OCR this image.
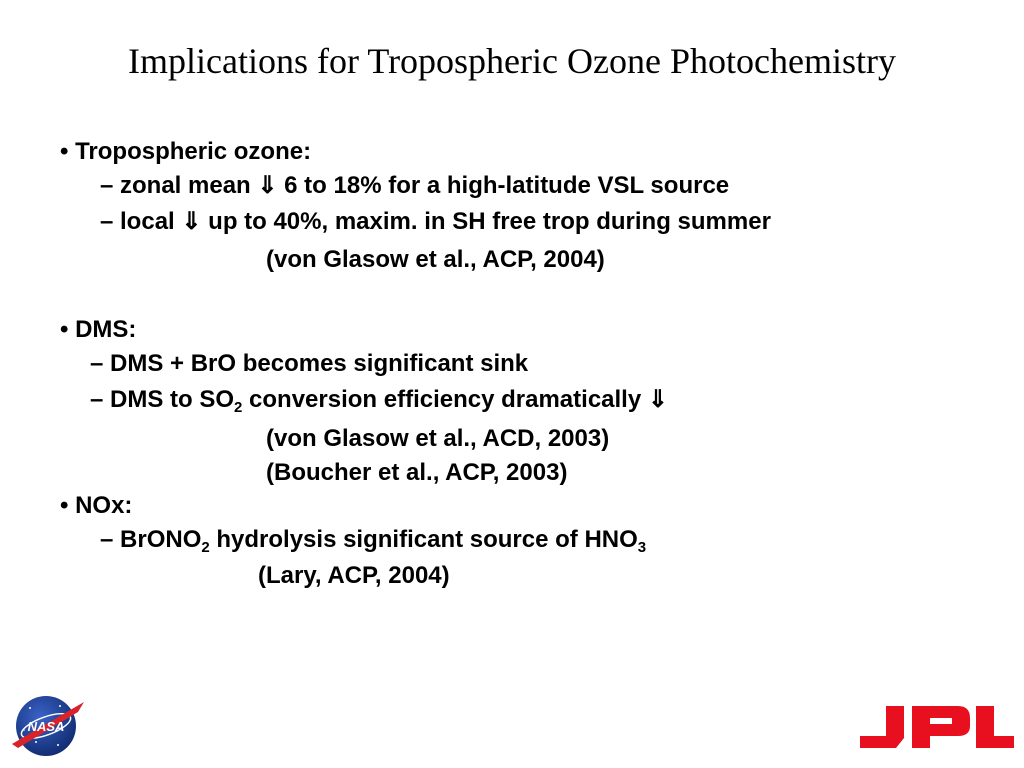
Implications for Tropospheric Ozone Photochemistry
• Tropospheric ozone:
– zonal mean ⇓ 6 to 18% for a high-latitude VSL source
– local ⇓ up to 40%, maxim. in SH free trop during summer
(von Glasow et al., ACP, 2004)
• DMS:
– DMS + BrO becomes significant sink
– DMS to $SO_2$ conversion efficiency dramatically ⇓
(von Glasow et al., ACD, 2003)
(Boucher et al., ACP, 2003)
• NOx:
– BrONO$_2$ hydrolysis significant source of $HNO_3$
(Lary, ACP, 2004)
NASA
